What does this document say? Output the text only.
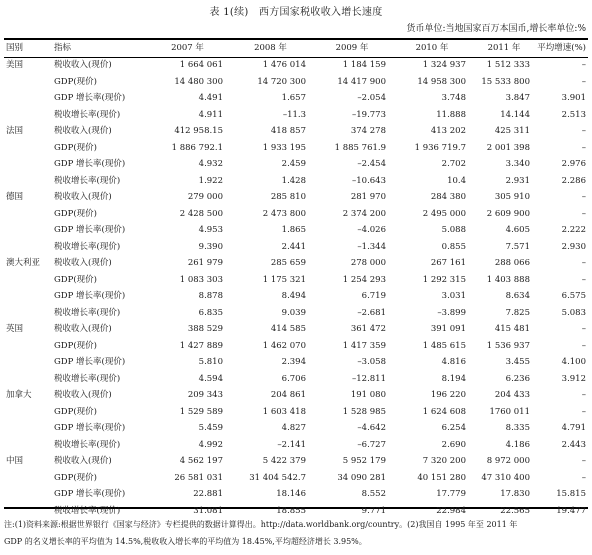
表 1(续)　西方国家税收收入增长速度
货币单位:当地国家百万本国币,增长率单位:%
国别	指标	2007 年	2008 年	2009 年	2010 年	2011 年	平均增速(%)
美国	税收收入(现价)	1 664 061	1 476 014	1 184 159	1 324 937	1 512 333	–
	GDP(现价)	14 480 300	14 720 300	14 417 900	14 958 300	15 533 800	–
	GDP 增长率(现价)	4.491	1.657	–2.054	3.748	3.847	3.901
	税收增长率(现价)	4.911	–11.3	–19.773	11.888	14.144	2.513
法国	税收收入(现价)	412 958.15	418 857	374 278	413 202	425 311	–
	GDP(现价)	1 886 792.1	1 933 195	1 885 761.9	1 936 719.7	2 001 398	–
	GDP 增长率(现价)	4.932	2.459	–2.454	2.702	3.340	2.976
	税收增长率(现价)	1.922	1.428	–10.643	10.4	2.931	2.286
德国	税收收入(现价)	279 000	285 810	281 970	284 380	305 910	–
	GDP(现价)	2 428 500	2 473 800	2 374 200	2 495 000	2 609 900	–
	GDP 增长率(现价)	4.953	1.865	–4.026	5.088	4.605	2.222
	税收增长率(现价)	9.390	2.441	–1.344	0.855	7.571	2.930
澳大利亚	税收收入(现价)	261 979	285 659	278 000	267 161	288 066	–
	GDP(现价)	1 083 303	1 175 321	1 254 293	1 292 315	1 403 888	–
	GDP 增长率(现价)	8.878	8.494	6.719	3.031	8.634	6.575
	税收增长率(现价)	6.835	9.039	–2.681	–3.899	7.825	5.083
英国	税收收入(现价)	388 529	414 585	361 472	391 091	415 481	–
	GDP(现价)	1 427 889	1 462 070	1 417 359	1 485 615	1 536 937	–
	GDP 增长率(现价)	5.810	2.394	–3.058	4.816	3.455	4.100
	税收增长率(现价)	4.594	6.706	–12.811	8.194	6.236	3.912
加拿大	税收收入(现价)	209 343	204 861	191 080	196 220	204 433	–
	GDP(现价)	1 529 589	1 603 418	1 528 985	1 624 608	1760 011	–
	GDP 增长率(现价)	5.459	4.827	–4.642	6.254	8.335	4.791
	税收增长率(现价)	4.992	–2.141	–6.727	2.690	4.186	2.443
中国	税收收入(现价)	4 562 197	5 422 379	5 952 179	7 320 200	8 972 000	–
	GDP(现价)	26 581 031	31 404 542.7	34 090 281	40 151 280	47 310 400	–
	GDP 增长率(现价)	22.881	18.146	8.552	17.779	17.830	15.815
	税收增长率(现价)	31.081	18.855	9.771	22.984	22.565	19.477
注:(1)资料来源:根据世界银行《国家与经济》专栏提供的数据计算得出。http://data.worldbank.org/country。(2)我国自 1995 年至 2011 年
GDP 的名义增长率的平均值为 14.5%,税收收入增长率的平均值为 18.45%,平均超经济增长 3.95%。
